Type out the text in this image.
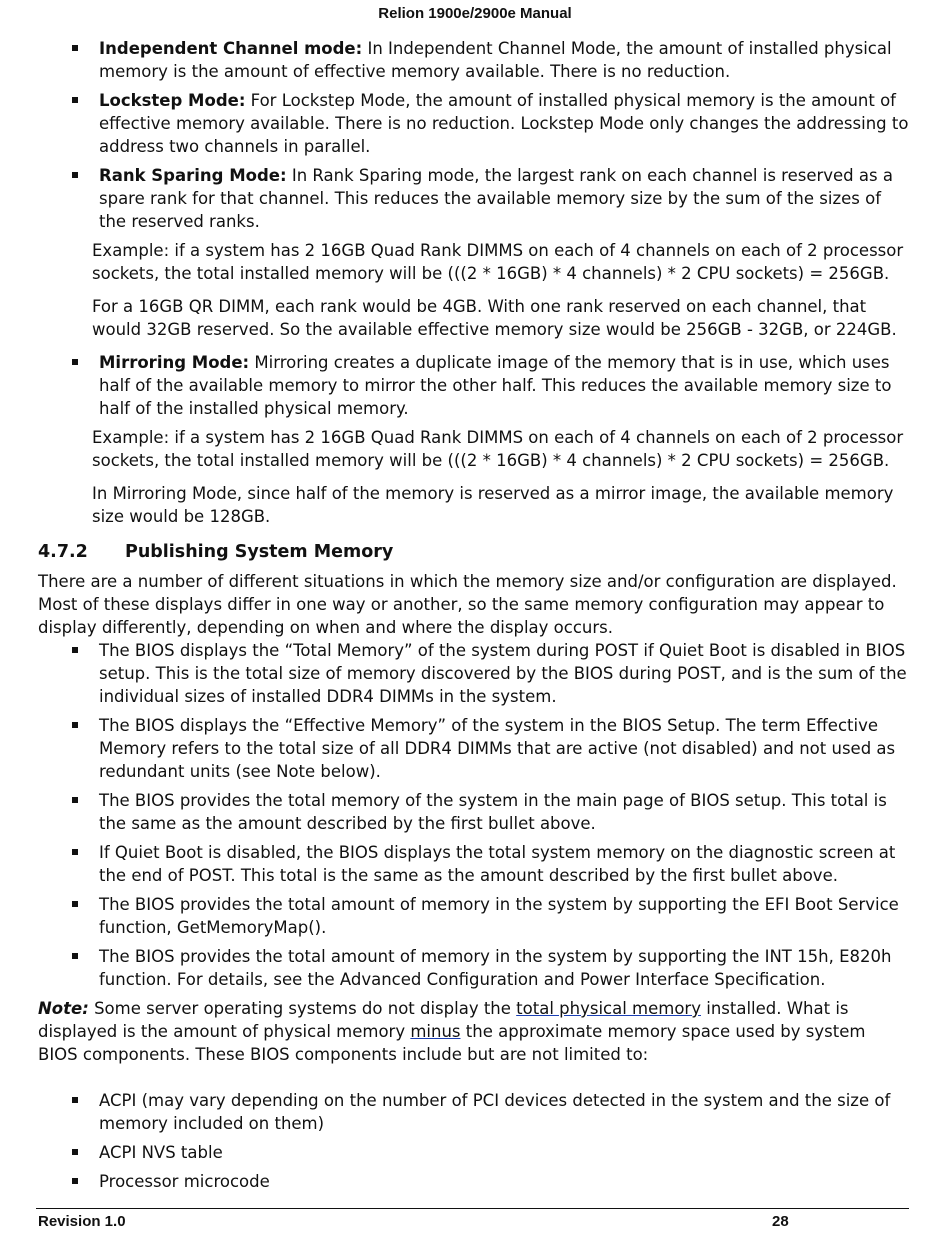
Relion 1900e/2900e Manual
Independent Channel mode: In Independent Channel Mode, the amount of installed physical memory is the amount of effective memory available. There is no reduction.
Lockstep Mode: For Lockstep Mode, the amount of installed physical memory is the amount of effective memory available. There is no reduction. Lockstep Mode only changes the addressing to address two channels in parallel.
Rank Sparing Mode: In Rank Sparing mode, the largest rank on each channel is reserved as a spare rank for that channel. This reduces the available memory size by the sum of the sizes of the reserved ranks.

Example: if a system has 2 16GB Quad Rank DIMMS on each of 4 channels on each of 2 processor sockets, the total installed memory will be (((2 * 16GB) * 4 channels) * 2 CPU sockets) = 256GB.

For a 16GB QR DIMM, each rank would be 4GB. With one rank reserved on each channel, that would 32GB reserved. So the available effective memory size would be 256GB - 32GB, or 224GB.

Mirroring Mode: Mirroring creates a duplicate image of the memory that is in use, which uses half of the available memory to mirror the other half. This reduces the available memory size to half of the installed physical memory.

Example: if a system has 2 16GB Quad Rank DIMMS on each of 4 channels on each of 2 processor sockets, the total installed memory will be (((2 * 16GB) * 4 channels) * 2 CPU sockets) = 256GB.

In Mirroring Mode, since half of the memory is reserved as a mirror image, the available memory size would be 128GB.

4.7.2 Publishing System Memory

There are a number of different situations in which the memory size and/or configuration are displayed. Most of these displays differ in one way or another, so the same memory configuration may appear to display differently, depending on when and where the display occurs.

The BIOS displays the “Total Memory” of the system during POST if Quiet Boot is disabled in BIOS setup. This is the total size of memory discovered by the BIOS during POST, and is the sum of the individual sizes of installed DDR4 DIMMs in the system.
The BIOS displays the “Effective Memory” of the system in the BIOS Setup. The term Effective Memory refers to the total size of all DDR4 DIMMs that are active (not disabled) and not used as redundant units (see Note below).
The BIOS provides the total memory of the system in the main page of BIOS setup. This total is the same as the amount described by the first bullet above.
If Quiet Boot is disabled, the BIOS displays the total system memory on the diagnostic screen at the end of POST. This total is the same as the amount described by the first bullet above.
The BIOS provides the total amount of memory in the system by supporting the EFI Boot Service function, GetMemoryMap().
The BIOS provides the total amount of memory in the system by supporting the INT 15h, E820h function. For details, see the Advanced Configuration and Power Interface Specification.

Note: Some server operating systems do not display the total physical memory installed. What is displayed is the amount of physical memory minus the approximate memory space used by system BIOS components. These BIOS components include but are not limited to:

ACPI (may vary depending on the number of PCI devices detected in the system and the size of memory included on them)
ACPI NVS table
Processor microcode
Revision 1.0	28
